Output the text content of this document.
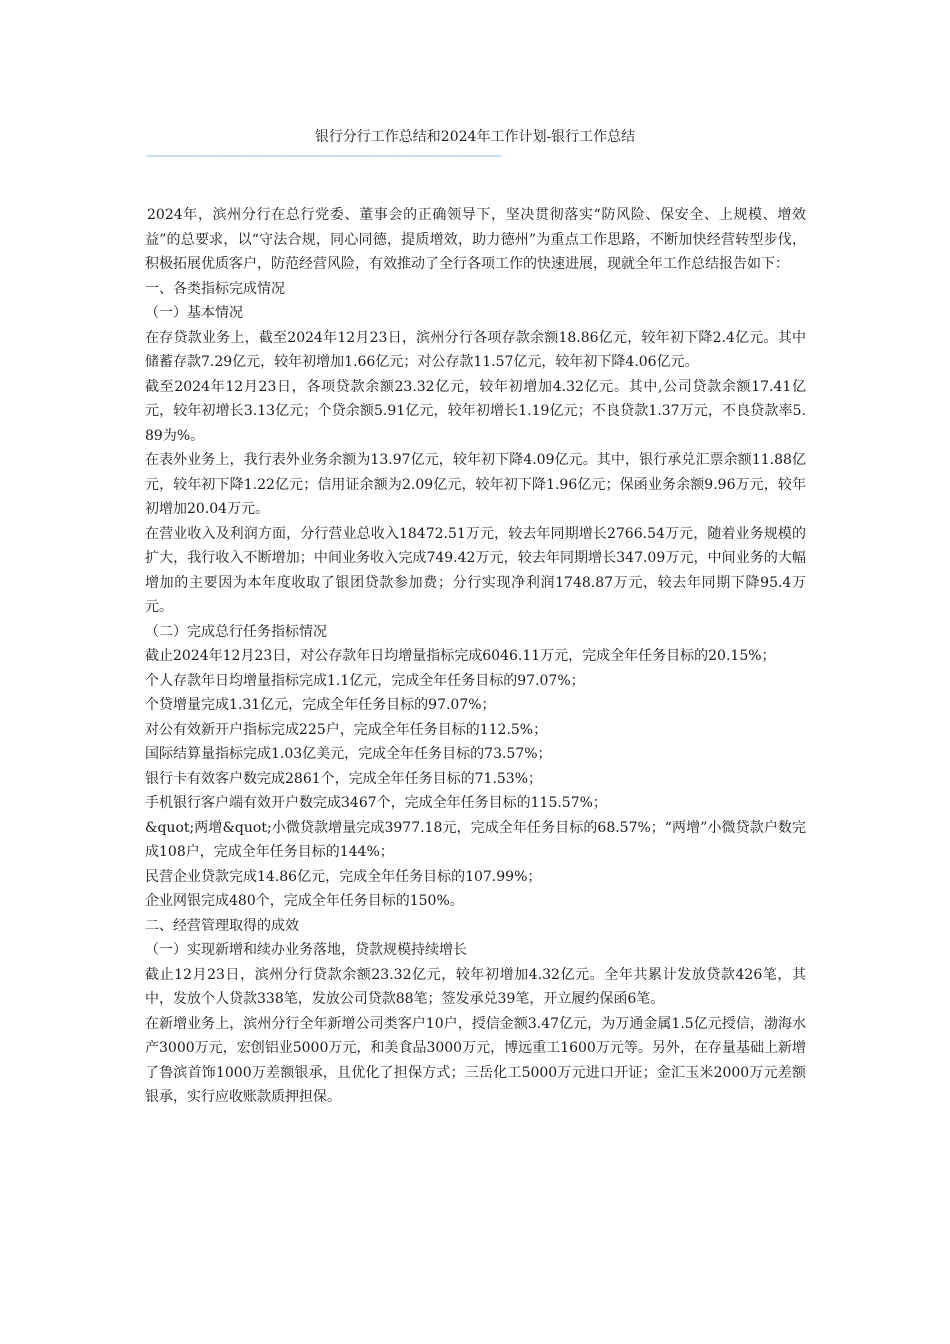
银行分行工作总结和2024年工作计划-银行工作总结
——————————————————————————————————————————

2024年，滨州分行在总行党委、董事会的正确领导下，坚决贯彻落实“防风险、保安全、上规模、增效益”的总要求，以“守法合规，同心同德，提质增效，助力德州”为重点工作思路，不断加快经营转型步伐，积极拓展优质客户，防范经营风险，有效推动了全行各项工作的快速进展，现就全年工作总结报告如下：

一、各类指标完成情况

（一）基本情况

在存贷款业务上，截至2024年12月23日，滨州分行各项存款余额18.86亿元，较年初下降2.4亿元。其中储蓄存款7.29亿元，较年初增加1.66亿元；对公存款11.57亿元，较年初下降4.06亿元。

截至2024年12月23日，各项贷款余额23.32亿元，较年初增加4.32亿元。其中,公司贷款余额17.41亿元，较年初增长3.13亿元；个贷余额5.91亿元，较年初增长1.19亿元；不良贷款1.37万元，不良贷款率5.89为%。

在表外业务上，我行表外业务余额为13.97亿元，较年初下降4.09亿元。其中，银行承兑汇票余额11.88亿元，较年初下降1.22亿元；信用证余额为2.09亿元，较年初下降1.96亿元；保函业务余额9.96万元，较年初增加20.04万元。

在营业收入及利润方面，分行营业总收入18472.51万元，较去年同期增长2766.54万元，随着业务规模的扩大，我行收入不断增加；中间业务收入完成749.42万元，较去年同期增长347.09万元，中间业务的大幅增加的主要因为本年度收取了银团贷款参加费；分行实现净利润1748.87万元，较去年同期下降95.4万元。

（二）完成总行任务指标情况

截止2024年12月23日，对公存款年日均增量指标完成6046.11万元，完成全年任务目标的20.15%；

个人存款年日均增量指标完成1.1亿元，完成全年任务目标的97.07%；

个贷增量完成1.31亿元，完成全年任务目标的97.07%；

对公有效新开户指标完成225户，完成全年任务目标的112.5%；

国际结算量指标完成1.03亿美元，完成全年任务目标的73.57%；

银行卡有效客户数完成2861个，完成全年任务目标的71.53%；

手机银行客户端有效开户数完成3467个，完成全年任务目标的115.57%；

&quot;两增&quot;小微贷款增量完成3977.18元，完成全年任务目标的68.57%；“两增”小微贷款户数完成108户，完成全年任务目标的144%；

民营企业贷款完成14.86亿元，完成全年任务目标的107.99%；

企业网银完成480个，完成全年任务目标的150%。

二、经营管理取得的成效

（一）实现新增和续办业务落地，贷款规模持续增长

截止12月23日，滨州分行贷款余额23.32亿元，较年初增加4.32亿元。全年共累计发放贷款426笔，其中，发放个人贷款338笔，发放公司贷款88笔；签发承兑39笔，开立履约保函6笔。

在新增业务上，滨州分行全年新增公司类客户10户，授信金额3.47亿元，为万通金属1.5亿元授信，渤海水产3000万元，宏创铝业5000万元，和美食品3000万元，博远重工1600万元等。另外，在存量基础上新增了鲁滨首饰1000万差额银承，且优化了担保方式；三岳化工5000万元进口开证；金汇玉米2000万元差额银承，实行应收账款质押担保。
